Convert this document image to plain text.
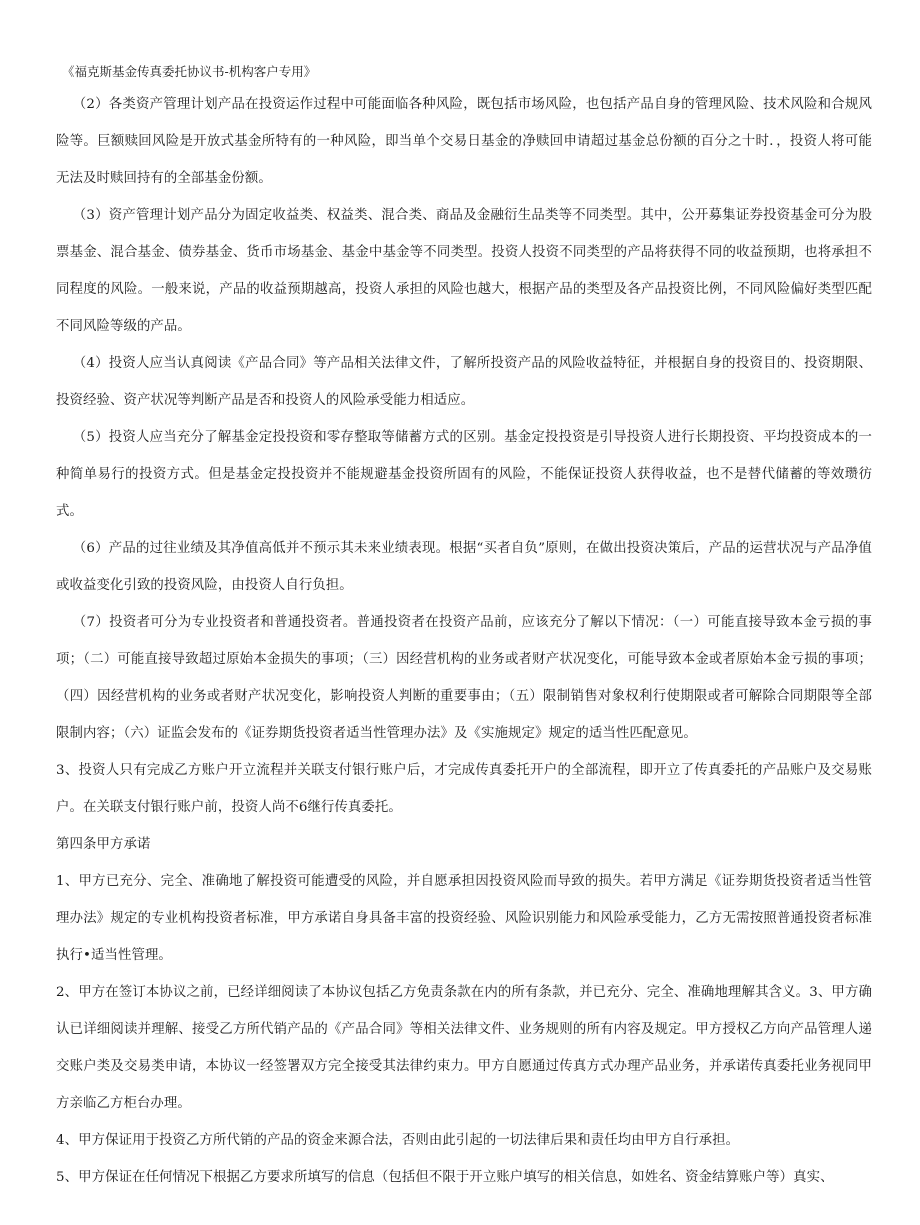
《福克斯基金传真委托协议书-机构客户专用》

（2）各类资产管理计划产品在投资运作过程中可能面临各种风险，既包括市场风险，也包括产品自身的管理风险、技术风险和合规风险等。巨额赎回风险是开放式基金所特有的一种风险，即当单个交易日基金的净赎回申请超过基金总份额的百分之十时．，投资人将可能无法及时赎回持有的全部基金份额。

（3）资产管理计划产品分为固定收益类、权益类、混合类、商品及金融衍生品类等不同类型。其中，公开募集证券投资基金可分为股票基金、混合基金、债券基金、货币市场基金、基金中基金等不同类型。投资人投资不同类型的产品将获得不同的收益预期，也将承担不同程度的风险。一般来说，产品的收益预期越高，投资人承担的风险也越大，根据产品的类型及各产品投资比例，不同风险偏好类型匹配不同风险等级的产品。

（4）投资人应当认真阅读《产品合同》等产品相关法律文件，了解所投资产品的风险收益特征，并根据自身的投资目的、投资期限、投资经验、资产状况等判断产品是否和投资人的风险承受能力相适应。

（5）投资人应当充分了解基金定投投资和零存整取等储蓄方式的区别。基金定投投资是引导投资人进行长期投资、平均投资成本的一种简单易行的投资方式。但是基金定投投资并不能规避基金投资所固有的风险，不能保证投资人获得收益，也不是替代储蓄的等效瓒彷式。

（6）产品的过往业绩及其净值高低并不预示其未来业绩表现。根据“买者自负”原则，在做出投资决策后，产品的运营状况与产品净值或收益变化引致的投资风险，由投资人自行负担。

（7）投资者可分为专业投资者和普通投资者。普通投资者在投资产品前，应该充分了解以下情况：（一）可能直接导致本金亏损的事项；（二）可能直接导致超过原始本金损失的事项；（三）因经营机构的业务或者财产状况变化，可能导致本金或者原始本金亏损的事项；（四）因经营机构的业务或者财产状况变化，影响投资人判断的重要事由；（五）限制销售对象权利行使期限或者可解除合同期限等全部限制内容；（六）证监会发布的《证券期货投资者适当性管理办法》及《实施规定》规定的适当性匹配意见。

3、投资人只有完成乙方账户开立流程并关联支付银行账户后，才完成传真委托开户的全部流程，即开立了传真委托的产品账户及交易账户。在关联支付银行账户前，投资人尚不6继行传真委托。

第四条甲方承诺

1、甲方已充分、完全、准确地了解投资可能遭受的风险，并自愿承担因投资风险而导致的损失。若甲方满足《证券期货投资者适当性管理办法》规定的专业机构投资者标准，甲方承诺自身具备丰富的投资经验、风险识别能力和风险承受能力，乙方无需按照普通投资者标准执行•适当性管理。

2、甲方在签订本协议之前，已经详细阅读了本协议包括乙方免责条款在内的所有条款，并已充分、完全、准确地理解其含义。3、甲方确认已详细阅读并理解、接受乙方所代销产品的《产品合同》等相关法律文件、业务规则的所有内容及规定。甲方授权乙方向产品管理人递交账户类及交易类申请，本协议一经签署双方完全接受其法律约束力。甲方自愿通过传真方式办理产品业务，并承诺传真委托业务视同甲方亲临乙方柜台办理。

4、甲方保证用于投资乙方所代销的产品的资金来源合法，否则由此引起的一切法律后果和责任均由甲方自行承担。

5、甲方保证在任何情况下根据乙方要求所填写的信息（包括但不限于开立账户填写的相关信息，如姓名、资金结算账户等）真实、
